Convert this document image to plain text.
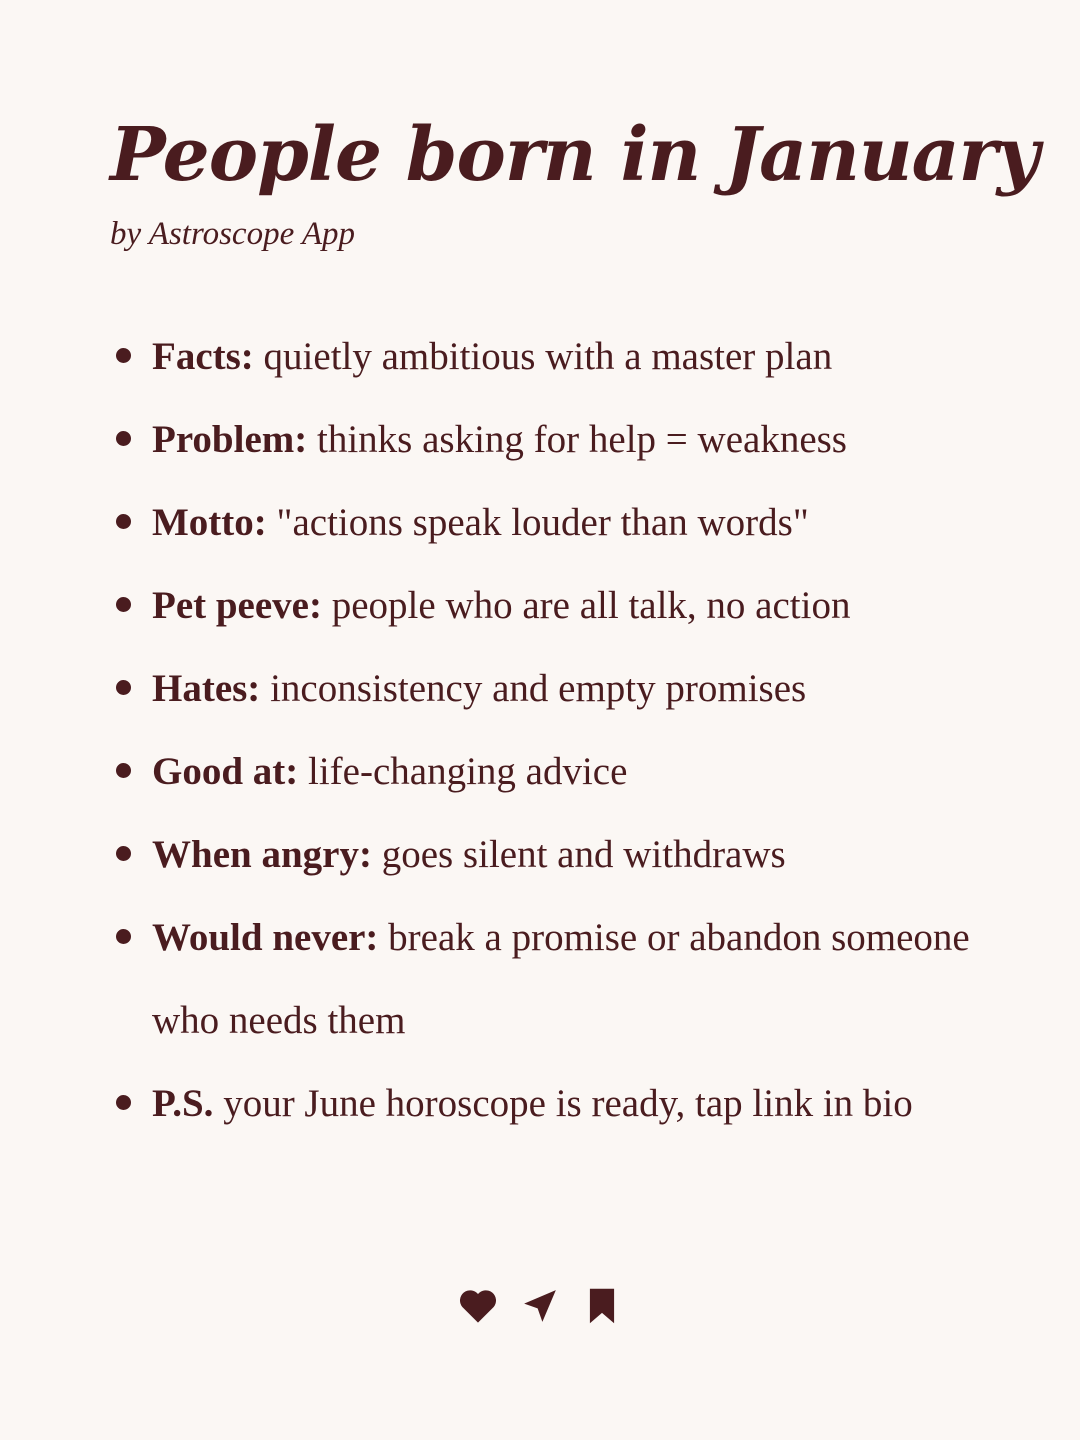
People born in January

by Astroscope App

Facts: quietly ambitious with a master plan
Problem: thinks asking for help = weakness
Motto: "actions speak louder than words"
Pet peeve: people who are all talk, no action
Hates: inconsistency and empty promises
Good at: life-changing advice
When angry: goes silent and withdraws
Would never: break a promise or abandon someone who needs them
P.S. your June horoscope is ready, tap link in bio
